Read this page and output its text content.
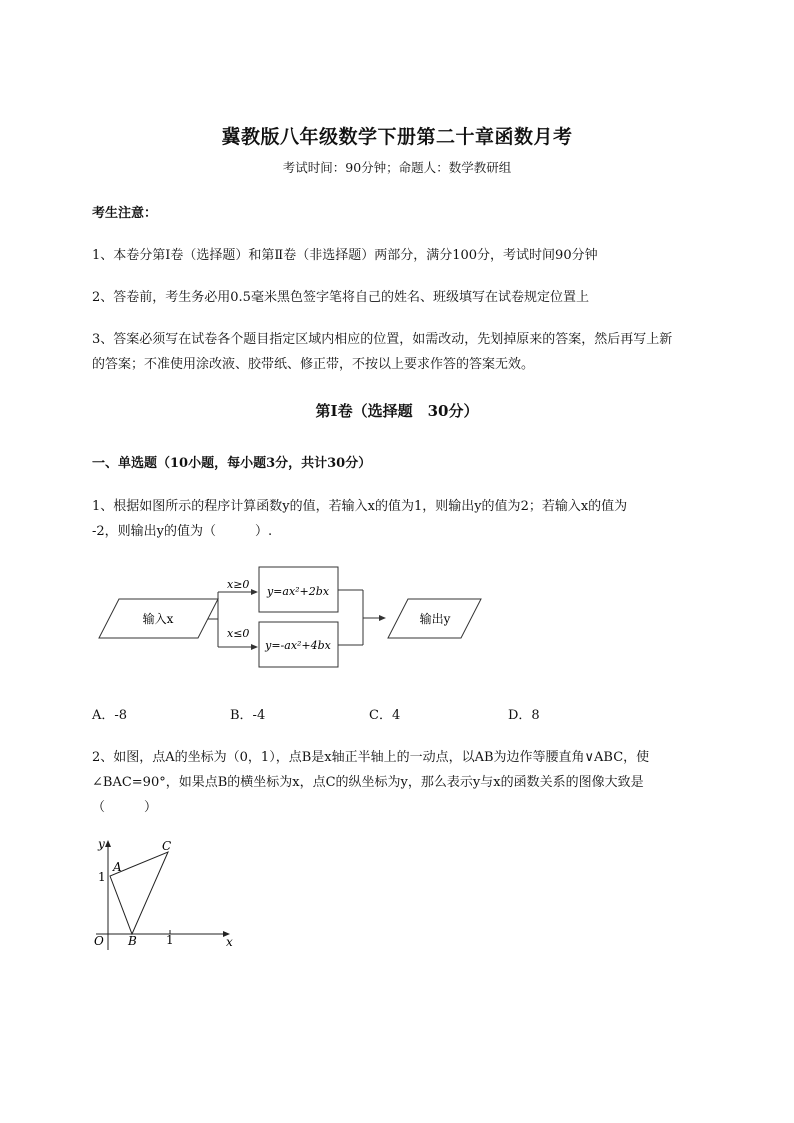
冀教版八年级数学下册第二十章函数月考
考试时间：90分钟；命题人：数学教研组
考生注意：
1、本卷分第Ⅰ卷（选择题）和第Ⅱ卷（非选择题）两部分，满分100分，考试时间90分钟
2、答卷前，考生务必用0.5毫米黑色签字笔将自己的姓名、班级填写在试卷规定位置上
3、答案必须写在试卷各个题目指定区域内相应的位置，如需改动，先划掉原来的答案，然后再写上新
的答案；不准使用涂改液、胶带纸、修正带，不按以上要求作答的答案无效。
第Ⅰ卷（选择题　30分）
一、单选题（10小题，每小题3分，共计30分）
1、根据如图所示的程序计算函数y的值，若输入x的值为1，则输出y的值为2；若输入x的值为
-2，则输出y的值为（　　　）.
输入x
x≥0
x≤0
y=ax²+2bx
y=-ax²+4bx
输出y
A．-8	B．-4	C．4	D．8
2、如图，点A的坐标为（0，1），点B是x轴正半轴上的一动点，以AB为边作等腰直角∨ABC，使
∠BAC=90°，如果点B的横坐标为x，点C的纵坐标为y，那么表示y与x的函数关系的图像大致是
（　　　）
y
x
O
A
B
C
1
1
